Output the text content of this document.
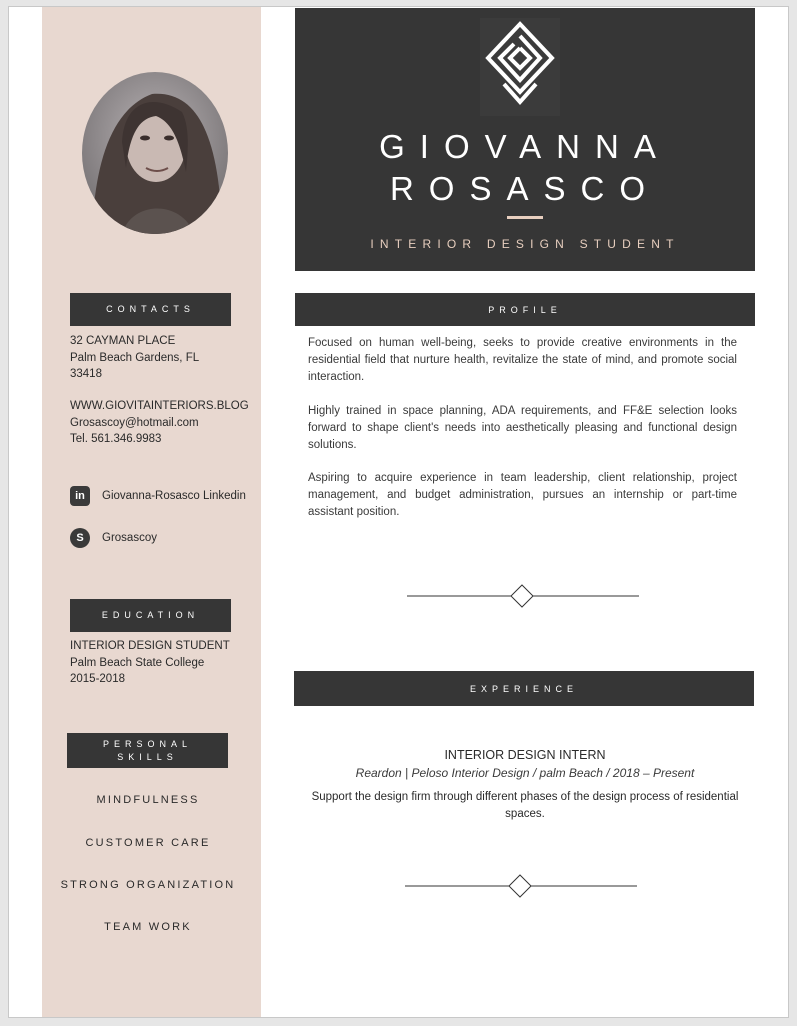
CONTACTS
32 CAYMAN PLACE
Palm Beach Gardens, FL
33418
WWW.GIOVITAINTERIORS.BLOG
Grosascoy@hotmail.com
Tel. 561.346.9983
in	Giovanna-Rosasco Linkedin
S	Grosascoy
EDUCATION
INTERIOR DESIGN STUDENT
Palm Beach State College
2015-2018
PERSONAL
SKILLS
MINDFULNESS
CUSTOMER CARE
STRONG ORGANIZATION
TEAM WORK
GIOVANNA
ROSASCO
INTERIOR DESIGN STUDENT
PROFILE
Focused on human well-being, seeks to provide creative environments in the residential field that nurture health, revitalize the state of mind, and promote social interaction.
Highly trained in space planning, ADA requirements, and FF&E selection looks forward to shape client's needs into aesthetically pleasing and functional design solutions.
Aspiring to acquire experience in team leadership, client relationship, project management, and budget administration, pursues an internship or part-time assistant position.
EXPERIENCE
INTERIOR DESIGN INTERN
Reardon | Peloso Interior Design / palm Beach / 2018 – Present
Support the design firm through different phases of the design process of residential spaces.
